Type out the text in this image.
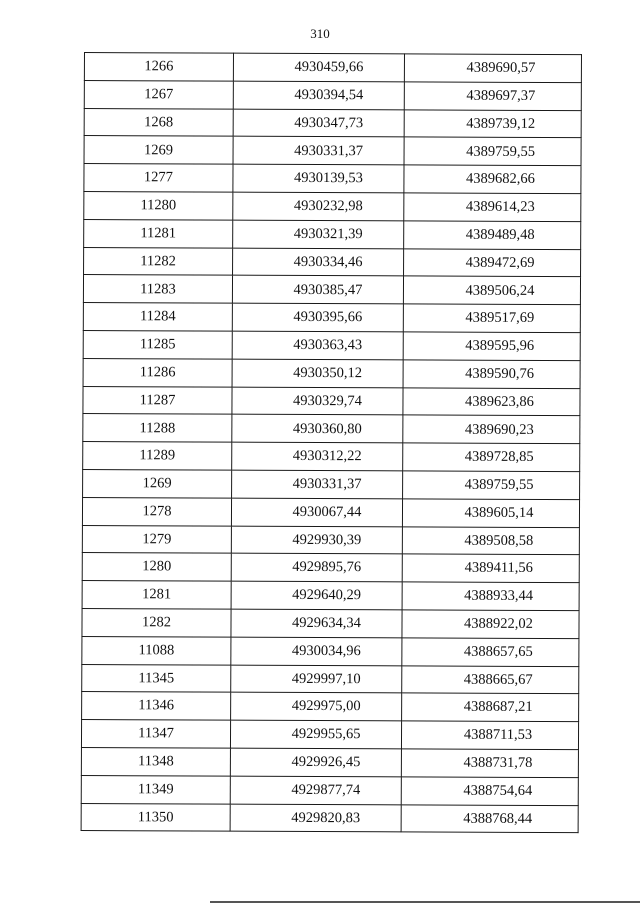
310
1266	4930459,66	4389690,57
1267	4930394,54	4389697,37
1268	4930347,73	4389739,12
1269	4930331,37	4389759,55
1277	4930139,53	4389682,66
11280	4930232,98	4389614,23
11281	4930321,39	4389489,48
11282	4930334,46	4389472,69
11283	4930385,47	4389506,24
11284	4930395,66	4389517,69
11285	4930363,43	4389595,96
11286	4930350,12	4389590,76
11287	4930329,74	4389623,86
11288	4930360,80	4389690,23
11289	4930312,22	4389728,85
1269	4930331,37	4389759,55
1278	4930067,44	4389605,14
1279	4929930,39	4389508,58
1280	4929895,76	4389411,56
1281	4929640,29	4388933,44
1282	4929634,34	4388922,02
11088	4930034,96	4388657,65
11345	4929997,10	4388665,67
11346	4929975,00	4388687,21
11347	4929955,65	4388711,53
11348	4929926,45	4388731,78
11349	4929877,74	4388754,64
11350	4929820,83	4388768,44
